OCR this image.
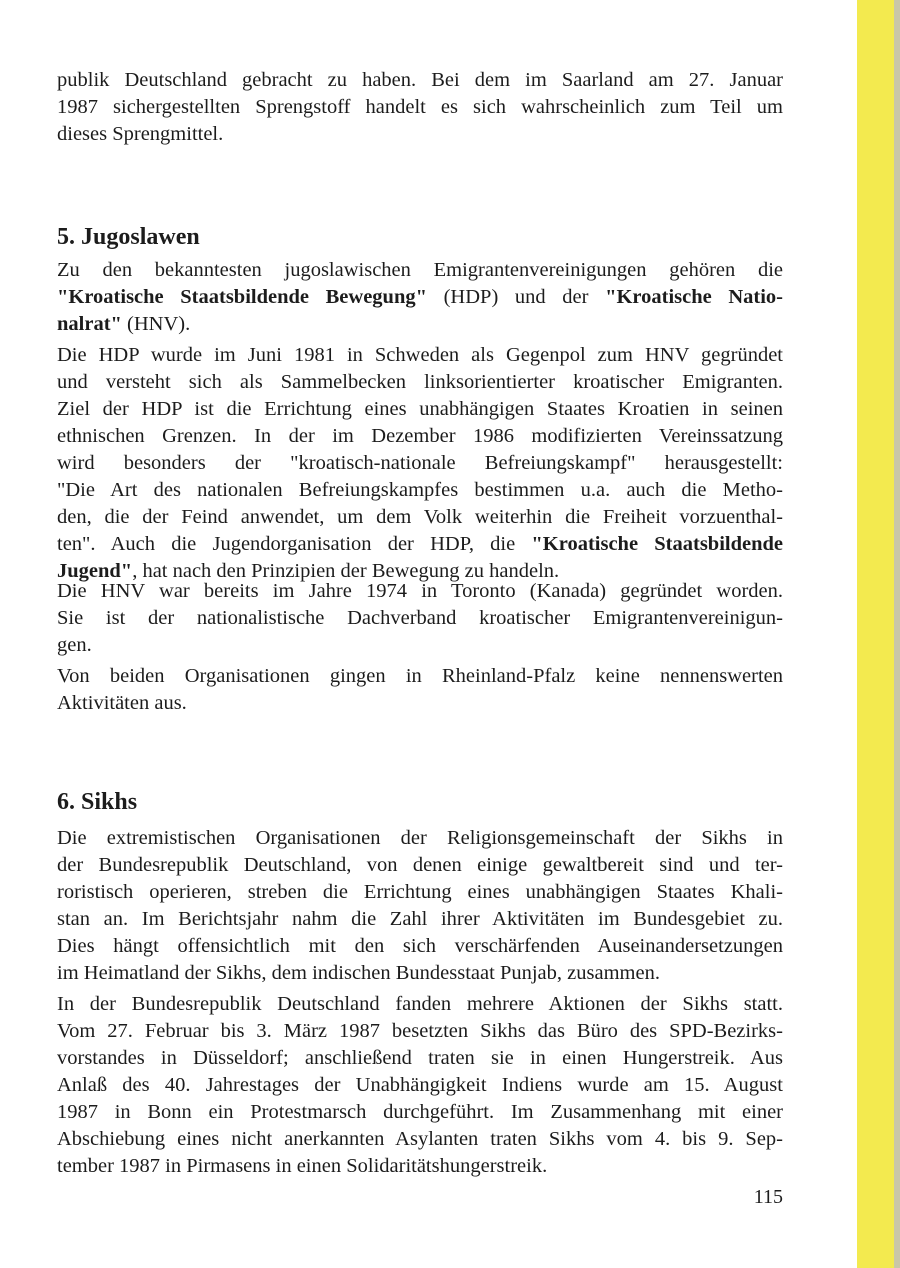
publik Deutschland gebracht zu haben. Bei dem im Saarland am 27. Januar
1987 sichergestellten Sprengstoff handelt es sich wahrscheinlich zum Teil um
dieses Sprengmittel.
5. Jugoslawen
Zu den bekanntesten jugoslawischen Emigrantenvereinigungen gehören die
"Kroatische Staatsbildende Bewegung" (HDP) und der "Kroatische Natio-
nalrat" (HNV).
Die HDP wurde im Juni 1981 in Schweden als Gegenpol zum HNV gegründet
und versteht sich als Sammelbecken linksorientierter kroatischer Emigranten.
Ziel der HDP ist die Errichtung eines unabhängigen Staates Kroatien in seinen
ethnischen Grenzen. In der im Dezember 1986 modifizierten Vereinssatzung
wird besonders der "kroatisch-nationale Befreiungskampf" herausgestellt:
"Die Art des nationalen Befreiungskampfes bestimmen u.a. auch die Metho-
den, die der Feind anwendet, um dem Volk weiterhin die Freiheit vorzuenthal-
ten". Auch die Jugendorganisation der HDP, die "Kroatische Staatsbildende
Jugend", hat nach den Prinzipien der Bewegung zu handeln.
Die HNV war bereits im Jahre 1974 in Toronto (Kanada) gegründet worden.
Sie ist der nationalistische Dachverband kroatischer Emigrantenvereinigun-
gen.
Von beiden Organisationen gingen in Rheinland-Pfalz keine nennenswerten
Aktivitäten aus.
6. Sikhs
Die extremistischen Organisationen der Religionsgemeinschaft der Sikhs in
der Bundesrepublik Deutschland, von denen einige gewaltbereit sind und ter-
roristisch operieren, streben die Errichtung eines unabhängigen Staates Khali-
stan an. Im Berichtsjahr nahm die Zahl ihrer Aktivitäten im Bundesgebiet zu.
Dies hängt offensichtlich mit den sich verschärfenden Auseinandersetzungen
im Heimatland der Sikhs, dem indischen Bundesstaat Punjab, zusammen.
In der Bundesrepublik Deutschland fanden mehrere Aktionen der Sikhs statt.
Vom 27. Februar bis 3. März 1987 besetzten Sikhs das Büro des SPD-Bezirks-
vorstandes in Düsseldorf; anschließend traten sie in einen Hungerstreik. Aus
Anlaß des 40. Jahrestages der Unabhängigkeit Indiens wurde am 15. August
1987 in Bonn ein Protestmarsch durchgeführt. Im Zusammenhang mit einer
Abschiebung eines nicht anerkannten Asylanten traten Sikhs vom 4. bis 9. Sep-
tember 1987 in Pirmasens in einen Solidaritätshungerstreik.
115
